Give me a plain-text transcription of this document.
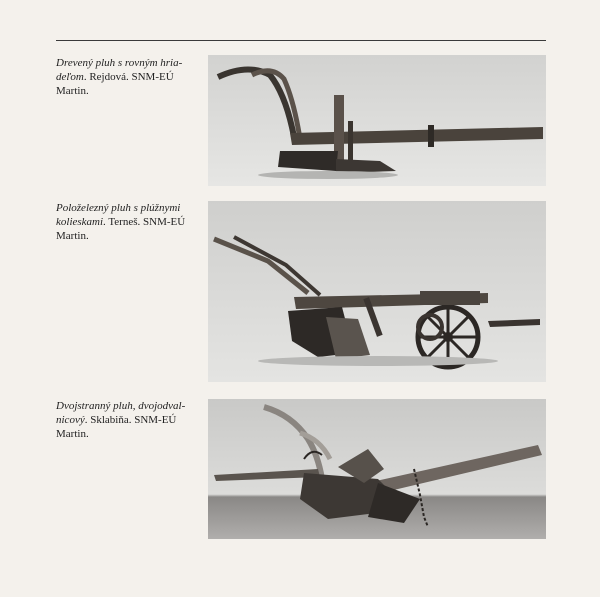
Drevený pluh s rovným hria-
deľom. Rejdová. SNM-EÚ
Martin.
Položelezný pluh s plúžnymi
kolieskami. Terneš. SNM-EÚ
Martin.
Dvojstranný pluh, dvojodval-
nicový. Sklabiňa. SNM-EÚ
Martin.
